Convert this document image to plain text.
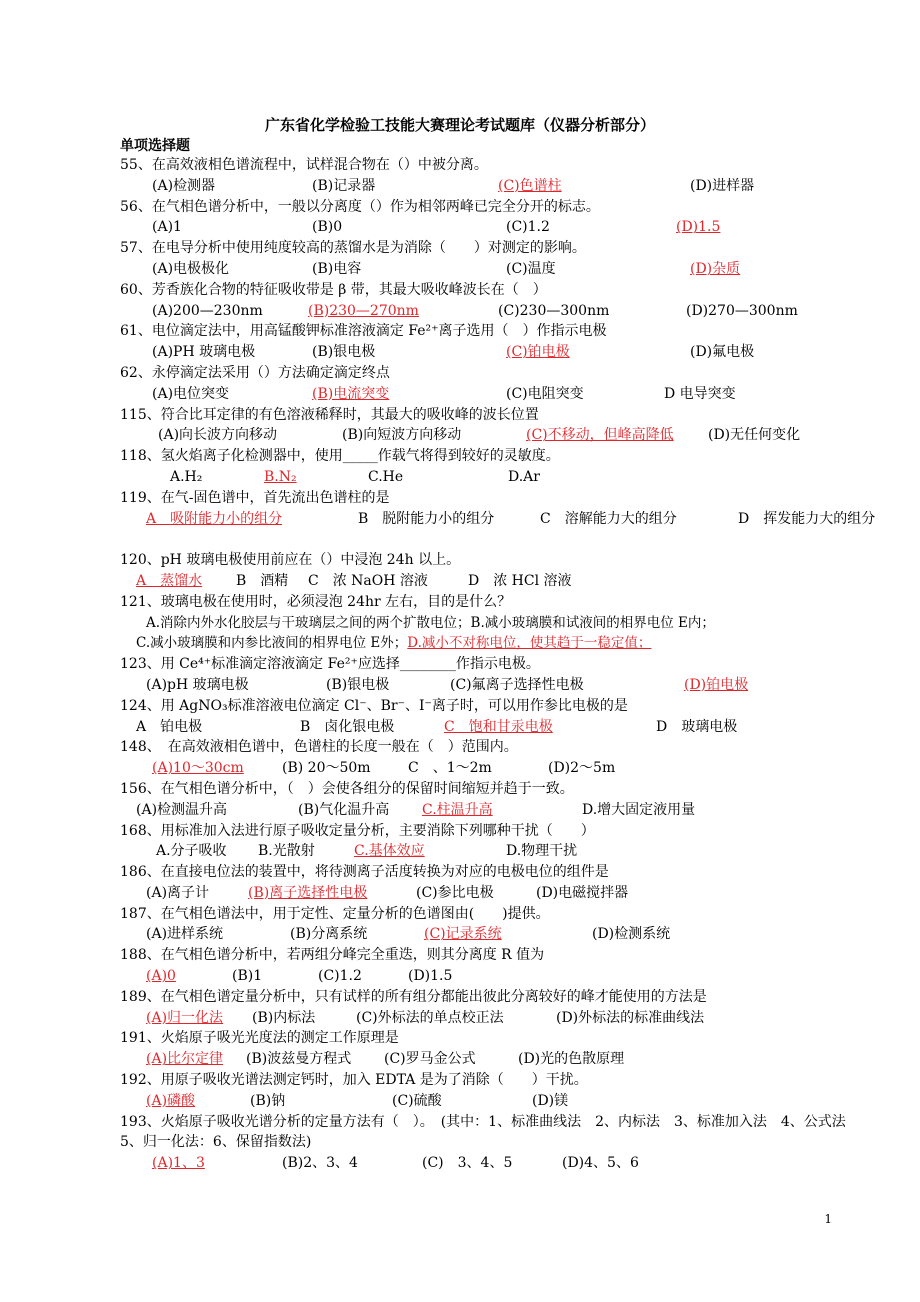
广东省化学检验工技能大赛理论考试题库（仪器分析部分）
单项选择题
55、在高效液相色谱流程中，试样混合物在（）中被分离。
(A)检测器	(B)记录器	(C)色谱柱	(D)进样器
56、在气相色谱分析中，一般以分离度（）作为相邻两峰已完全分开的标志。
(A)1	(B)0	(C)1.2	(D)1.5
57、在电导分析中使用纯度较高的蒸馏水是为消除（　　）对测定的影响。
(A)电极极化	(B)电容	(C)温度	(D)杂质
60、芳香族化合物的特征吸收带是 β 带，其最大吸收峰波长在（　）
(A)200—230nm	(B)230—270nm	(C)230—300nm	(D)270—300nm
61、电位滴定法中，用高锰酸钾标准溶液滴定 Fe²⁺离子选用（　）作指示电极
(A)PH 玻璃电极	(B)银电极	(C)铂电极	(D)氟电极
62、永停滴定法采用（）方法确定滴定终点
(A)电位突变	(B)电流突变	(C)电阻突变	D 电导突变
115、符合比耳定律的有色溶液稀释时，其最大的吸收峰的波长位置
(A)向长波方向移动	(B)向短波方向移动	(C)不移动，但峰高降低 (D)无任何变化
118、氢火焰离子化检测器中，使用_____作载气将得到较好的灵敏度。
A.H₂	B.N₂	C.He	D.Ar
119、在气-固色谱中，首先流出色谱柱的是
A　吸附能力小的组分	B　脱附能力小的组分	C　溶解能力大的组分	D　挥发能力大的组分
120、pH 玻璃电极使用前应在（）中浸泡 24h 以上。
A　蒸馏水 B　酒精 C　浓 NaOH 溶液	D　浓 HCl 溶液
121、玻璃电极在使用时，必须浸泡 24hr 左右，目的是什么？
A.消除内外水化胶层与干玻璃层之间的两个扩散电位；B.减小玻璃膜和试液间的相界电位 E内；
C.减小玻璃膜和内参比液间的相界电位 E外；D.减小不对称电位，使其趋于一稳定值；
123、用 Ce⁴⁺标准滴定溶液滴定 Fe²⁺应选择________作指示电极。
(A)pH 玻璃电极	(B)银电极	(C)氟离子选择性电极	(D)铂电极
124、用 AgNO₃标准溶液电位滴定 Cl⁻、Br⁻、I⁻离子时，可以用作参比电极的是
A　铂电极	B　卤化银电极	C　饱和甘汞电极	D　玻璃电极
148、　在高效液相色谱中，色谱柱的长度一般在（　）范围内。
(A)10～30cm	(B) 20～50m	C　、1～2m	(D)2～5m
156、在气相色谱分析中，（　）会使各组分的保留时间缩短并趋于一致。
(A)检测温升高	(B)气化温升高 C.柱温升高	D.增大固定液用量
168、用标准加入法进行原子吸收定量分析，主要消除下列哪种干扰（　　）
A.分子吸收 B.光散射	C.基体效应	D.物理干扰
186、在直接电位法的装置中，将待测离子活度转换为对应的电极电位的组件是
(A)离子计	(B)离子选择性电极	(C)参比电极	(D)电磁搅拌器
187、在气相色谱法中，用于定性、定量分析的色谱图由(　　)提供。
(A)进样系统	(B)分离系统	(C)记录系统	(D)检测系统
188、在气相色谱分析中，若两组分峰完全重迭，则其分离度 R 值为
(A)0	(B)1	(C)1.2	(D)1.5
189、在气相色谱定量分析中，只有试样的所有组分都能出彼此分离较好的峰才能使用的方法是
(A)归一化法 (B)内标法	(C)外标法的单点校正法	(D)外标法的标准曲线法
191、火焰原子吸光光度法的测定工作原理是
(A)比尔定律 (B)波兹曼方程式 (C)罗马金公式	(D)光的色散原理
192、用原子吸收光谱法测定钙时，加入 EDTA 是为了消除（　　）干扰。
(A)磷酸	(B)钠	(C)硫酸	(D)镁
193、火焰原子吸收光谱分析的定量方法有（　）。　(其中：1、标准曲线法　2、内标法　3、标准加入法　4、公式法　5、归一化法：6、保留指数法)
(A)1、3	(B)2、3、4	(C)　3、4、5	(D)4、5、6
1
